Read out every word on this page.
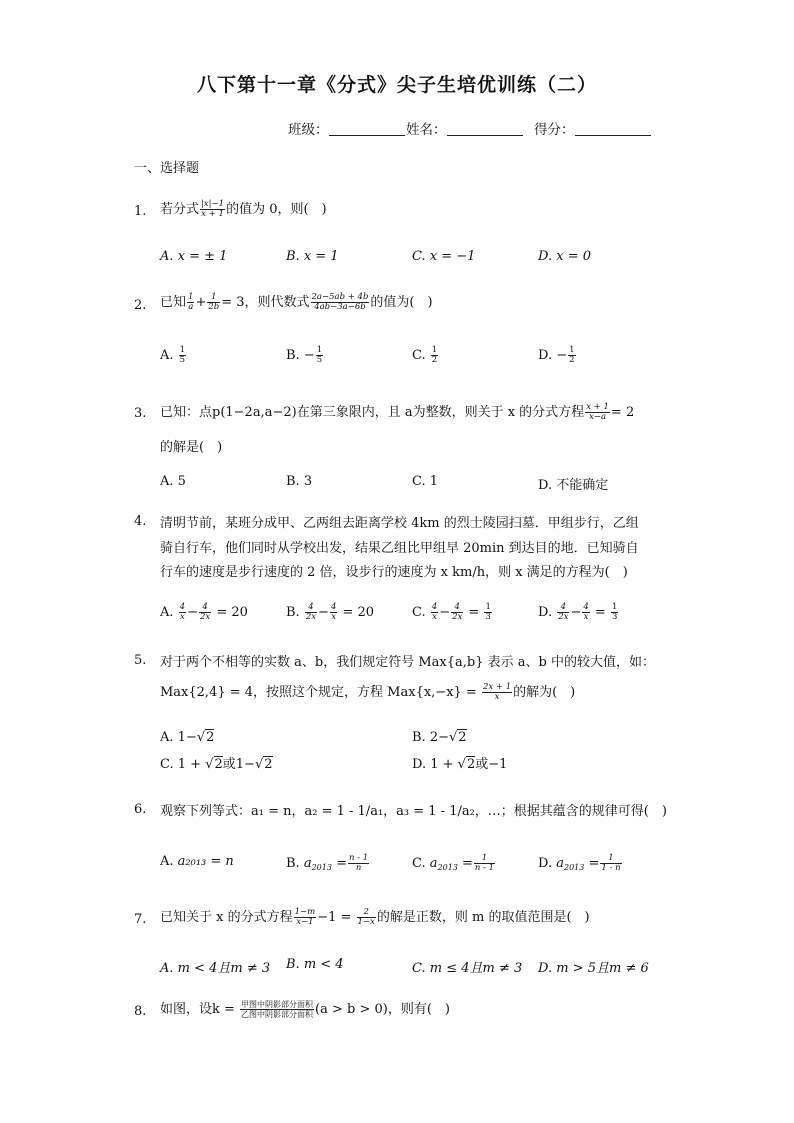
八下第十一章《分式》尖子生培优训练（二）
班级：	姓名：	得分：
一、选择题
1. 若分式 $\frac{|x|-1}{x + 1}$ 的值为 0，则(　)
A. x = ± 1	B. x = 1	C. x = −1	D. x = 0
2. 已知 $\frac{1}{a} + \frac{1}{2b} = 3$，则代数式 $\frac{2a-5ab + 4b}{4ab-3a-6b}$ 的值为(　)
A. $\frac{1}{5}$	B. − $\frac{1}{5}$	C. $\frac{1}{2}$	D. − $\frac{1}{2}$
3. 已知：点p(1−2a,a−2)在第三象限内，且 a为整数，则关于 x 的分式方程 $\frac{x + 1}{x-a} = 2$
的解是(　)
A. 5	B. 3	C. 1	D. 不能确定
4. 清明节前，某班分成甲、乙两组去距离学校 4km 的烈士陵园扫墓．甲组步行，乙组
骑自行车，他们同时从学校出发，结果乙组比甲组早 20min 到达目的地．已知骑自
行车的速度是步行速度的 2 倍，设步行的速度为 x km/h，则 x 满足的方程为(　)
A. $\frac{4}{x} - \frac{4}{2x} = 20$	B. $\frac{4}{2x} - \frac{4}{x} = 20$	C. $\frac{4}{x} - \frac{4}{2x} = \frac{1}{3}$	D. $\frac{4}{2x} - \frac{4}{x} = \frac{1}{3}$
5. 对于两个不相等的实数 a、b，我们规定符号 Max{a,b} 表示 a、b 中的较大值，如：
Max{2,4} = 4，按照这个规定，方程 $Max\{x,-x\} = \frac{2x + 1}{x}$ 的解为(　)
A. 1−√2	B. 2−√2
C. 1 + √2或1−√2	D. 1 + √2或−1
6. 观察下列等式：a₁ = n，a₂ = 1 - 1/a₁，a₃ = 1 - 1/a₂，…；根据其蕴含的规律可得(　)
A. a₂₀₁₃ = n	B. $a_{2013} = \frac{n - 1}{n}$	C. $a_{2013} = \frac{1}{n - 1}$	D. $a_{2013} = \frac{1}{1 - n}$
7. 已知关于 x 的分式方程 $\frac{1-m}{x-1} -1 = \frac{2}{1-x}$ 的解是正数，则 m 的取值范围是(　)
A. m < 4且m ≠ 3 B. m < 4	C. m ≤ 4且m ≠ 3 D. m > 5且m ≠ 6
8. 如图，设$k = \frac{\text{甲图中阴影部分面积}}{\text{乙图中阴影部分面积}} (a > b > 0)$，则有(　)
